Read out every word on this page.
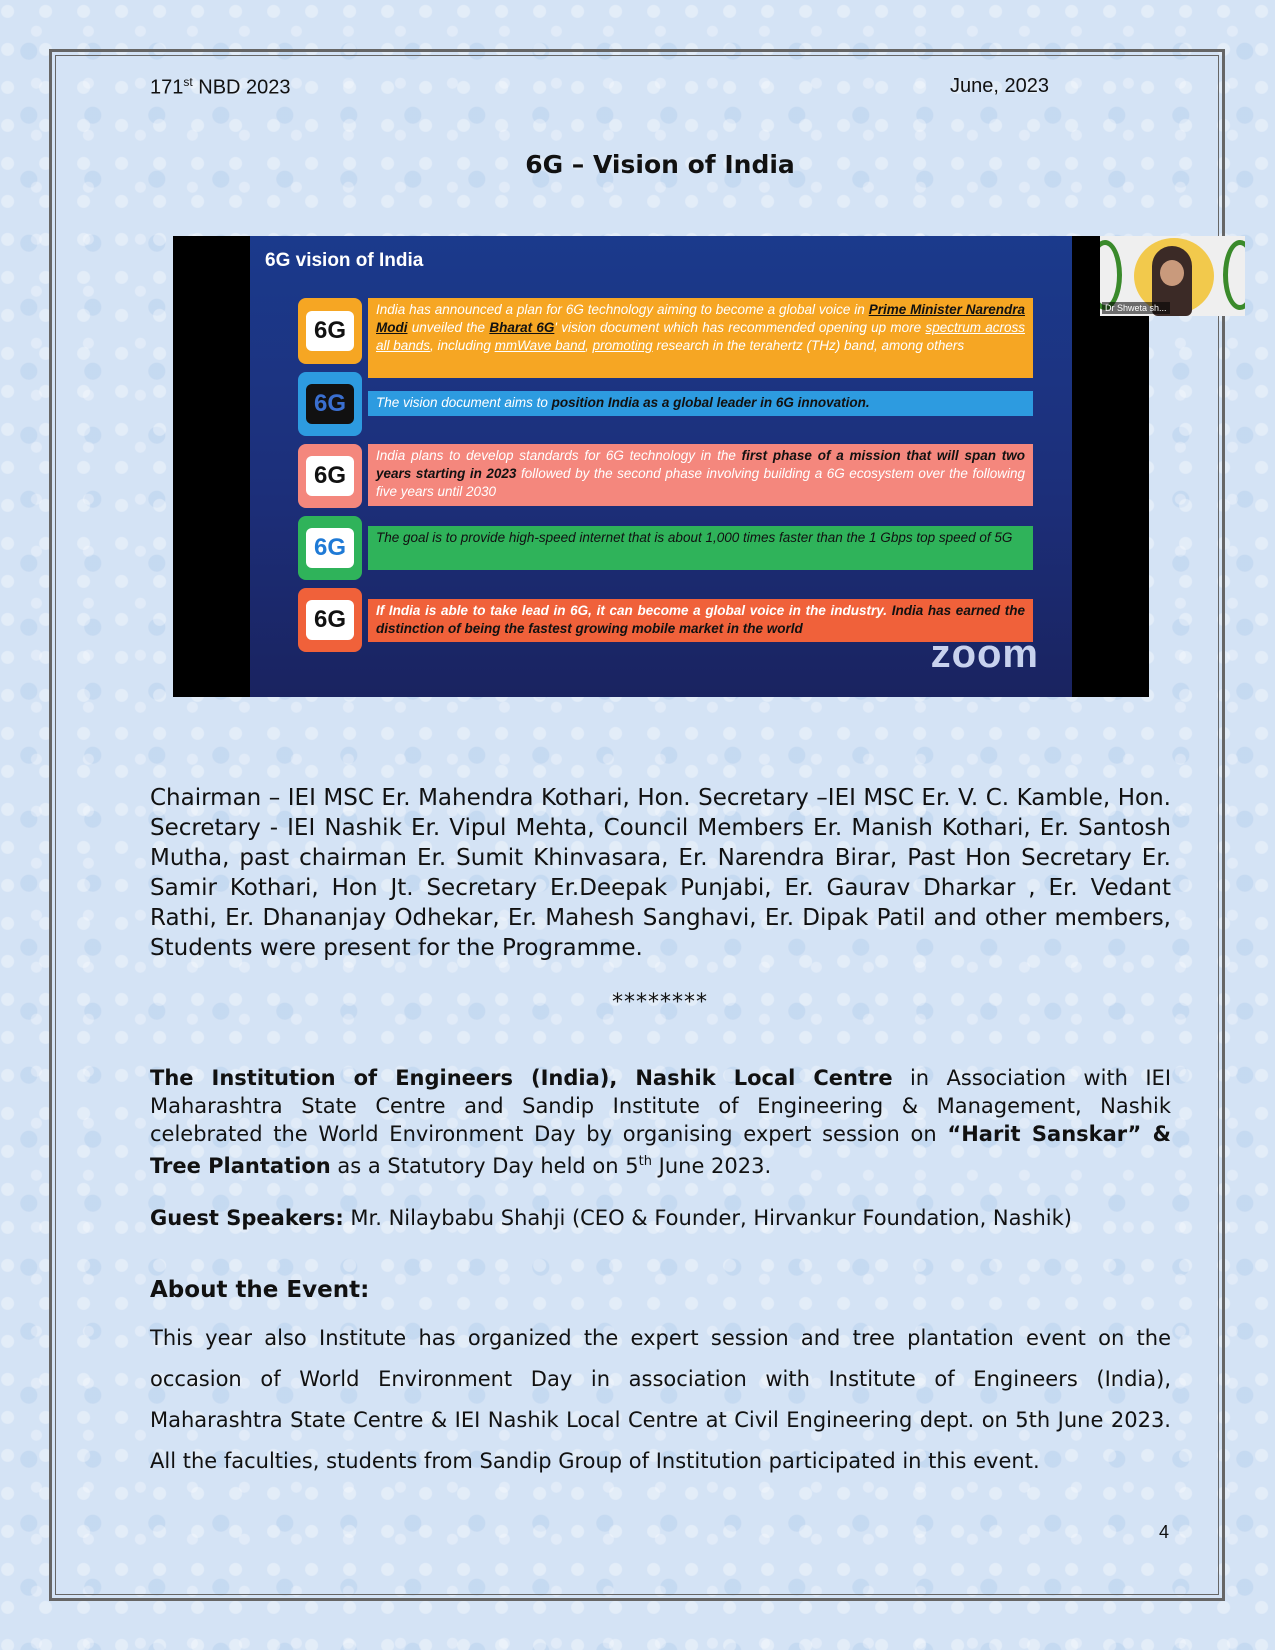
171st NBD 2023	June, 2023
6G – Vision of India
6G vision of India
6G
India has announced a plan for 6G technology aiming to become a global voice in Prime Minister Narendra Modi unveiled the Bharat 6G' vision document which has recommended opening up more spectrum across all bands, including mmWave band, promoting research in the terahertz (THz) band, among others
6G	The vision document aims to position India as a global leader in 6G innovation.
6G
India plans to develop standards for 6G technology in the first phase of a mission that will span two years starting in 2023 followed by the second phase involving building a 6G ecosystem over the following five years until 2030
6G	The goal is to provide high-speed internet that is about 1,000 times faster than the 1 Gbps top speed of 5G
6G	If India is able to take lead in 6G, it can become a global voice in the industry. India has earned the distinction of being the fastest growing mobile market in the world
zoom
Dr Shweta sh...
Chairman – IEI MSC Er. Mahendra Kothari, Hon. Secretary –IEI MSC Er. V. C. Kamble, Hon. Secretary - IEI Nashik Er. Vipul Mehta, Council Members Er. Manish Kothari, Er. Santosh Mutha, past chairman Er. Sumit Khinvasara, Er. Narendra Birar, Past Hon Secretary Er. Samir Kothari, Hon Jt. Secretary Er.Deepak Punjabi, Er. Gaurav Dharkar , Er. Vedant Rathi, Er. Dhananjay Odhekar, Er. Mahesh Sanghavi, Er. Dipak Patil and other members, Students were present for the Programme.
********
The Institution of Engineers (India), Nashik Local Centre in Association with IEI Maharashtra State Centre and Sandip Institute of Engineering & Management, Nashik celebrated the World Environment Day by organising expert session on “Harit Sanskar” & Tree Plantation as a Statutory Day held on 5th June 2023.
Guest Speakers: Mr. Nilaybabu Shahji (CEO & Founder, Hirvankur Foundation, Nashik)
About the Event:
This year also Institute has organized the expert session and tree plantation event on the occasion of World Environment Day in association with Institute of Engineers (India), Maharashtra State Centre & IEI Nashik Local Centre at Civil Engineering dept. on 5th June 2023. All the faculties, students from Sandip Group of Institution participated in this event.
4
